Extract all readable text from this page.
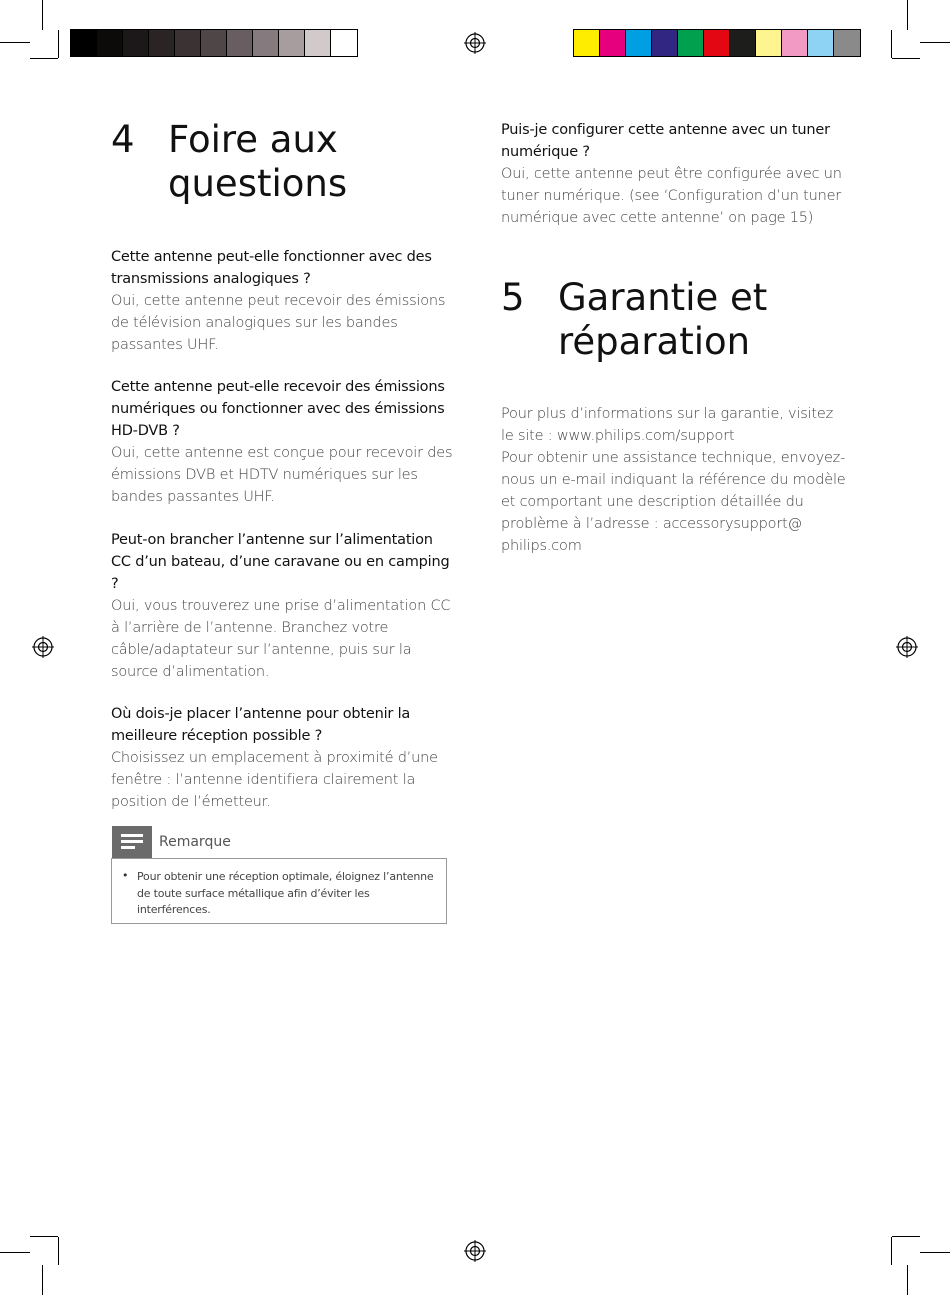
4 Foire aux questions

Cette antenne peut-elle fonctionner avec des transmissions analogiques ?

Oui, cette antenne peut recevoir des émissions de télévision analogiques sur les bandes passantes UHF.

Cette antenne peut-elle recevoir des émissions numériques ou fonctionner avec des émissions HD-DVB ?

Oui, cette antenne est conçue pour recevoir des émissions DVB et HDTV numériques sur les bandes passantes UHF.

Peut-on brancher l’antenne sur l’alimentation CC d’un bateau, d’une caravane ou en camping ?

Oui, vous trouverez une prise d’alimentation CC à l’arrière de l’antenne. Branchez votre câble/adaptateur sur l’antenne, puis sur la source d’alimentation.

Où dois-je placer l’antenne pour obtenir la meilleure réception possible ?

Choisissez un emplacement à proximité d’une fenêtre : l’antenne identifiera clairement la position de l’émetteur.

Remarque
• Pour obtenir une réception optimale, éloignez l’antenne de toute surface métallique afin d’éviter les interférences.

Puis-je configurer cette antenne avec un tuner numérique ?

Oui, cette antenne peut être configurée avec un tuner numérique. (see ‘Configuration d’un tuner numérique avec cette antenne’ on page 15)

5 Garantie et réparation

Pour plus d’informations sur la garantie, visitez le site : www.philips.com/support

Pour obtenir une assistance technique, envoyez-nous un e-mail indiquant la référence du modèle et comportant une description détaillée du problème à l’adresse : accessorysupport@ philips.com
